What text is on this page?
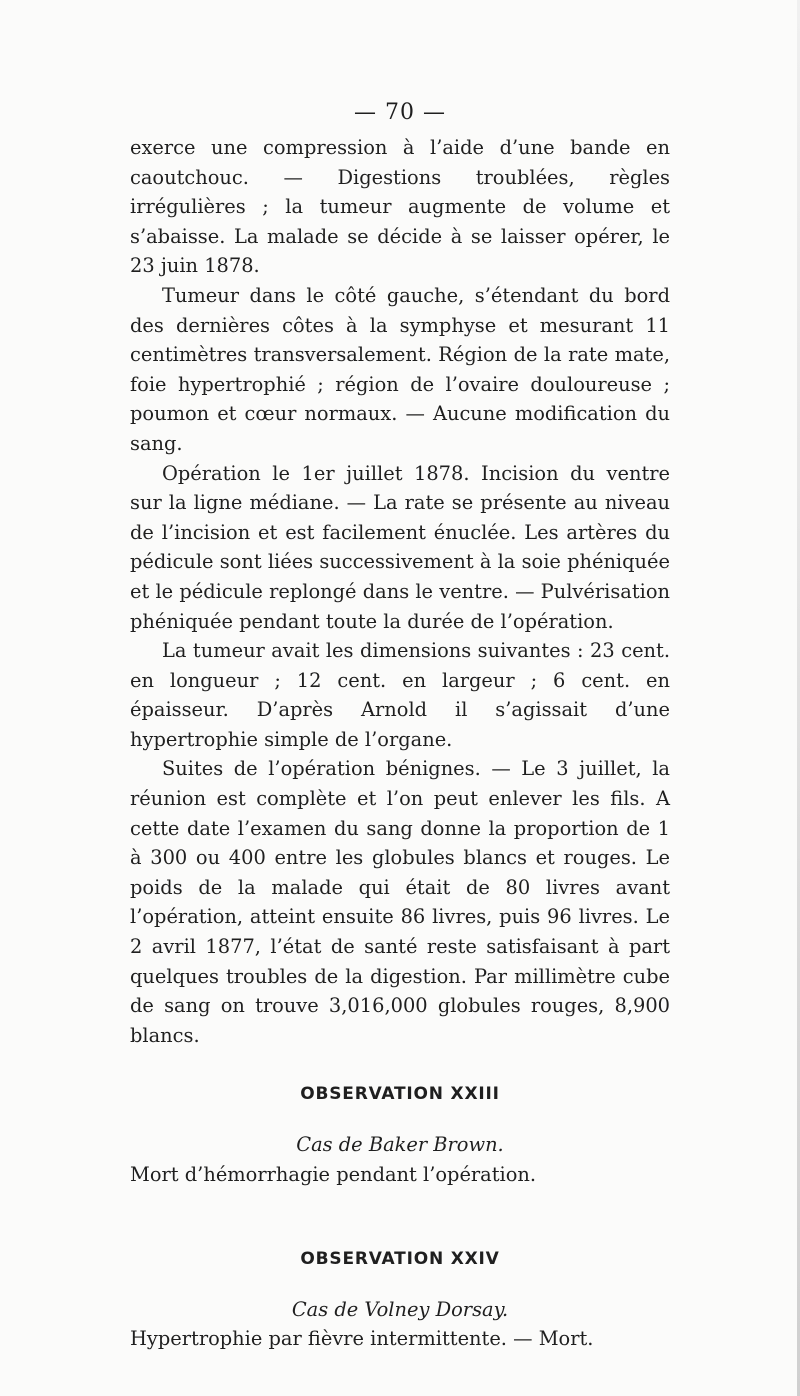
— 70 —

exerce une compression à l’aide d’une bande en caoutchouc. — Digestions troublées, règles irrégulières ; la tumeur augmente de volume et s’abaisse. La malade se décide à se laisser opérer, le 23 juin 1878.

Tumeur dans le côté gauche, s’étendant du bord des dernières côtes à la symphyse et mesurant 11 centimètres transversalement. Région de la rate mate, foie hypertrophié ; région de l’ovaire douloureuse ; poumon et cœur normaux. — Aucune modification du sang.

Opération le 1er juillet 1878. Incision du ventre sur la ligne médiane. — La rate se présente au niveau de l’incision et est facilement énuclée. Les artères du pédicule sont liées successivement à la soie phéniquée et le pédicule replongé dans le ventre. — Pulvérisation phéniquée pendant toute la durée de l’opération.

La tumeur avait les dimensions suivantes : 23 cent. en longueur ; 12 cent. en largeur ; 6 cent. en épaisseur. D’après Arnold il s’agissait d’une hypertrophie simple de l’organe.

Suites de l’opération bénignes. — Le 3 juillet, la réunion est complète et l’on peut enlever les fils. A cette date l’examen du sang donne la proportion de 1 à 300 ou 400 entre les globules blancs et rouges. Le poids de la malade qui était de 80 livres avant l’opération, atteint ensuite 86 livres, puis 96 livres. Le 2 avril 1877, l’état de santé reste satisfaisant à part quelques troubles de la digestion. Par millimètre cube de sang on trouve 3,016,000 globules rouges, 8,900 blancs.

OBSERVATION XXIII

Cas de Baker Brown.

Mort d’hémorrhagie pendant l’opération.

OBSERVATION XXIV

Cas de Volney Dorsay.

Hypertrophie par fièvre intermittente. — Mort.
